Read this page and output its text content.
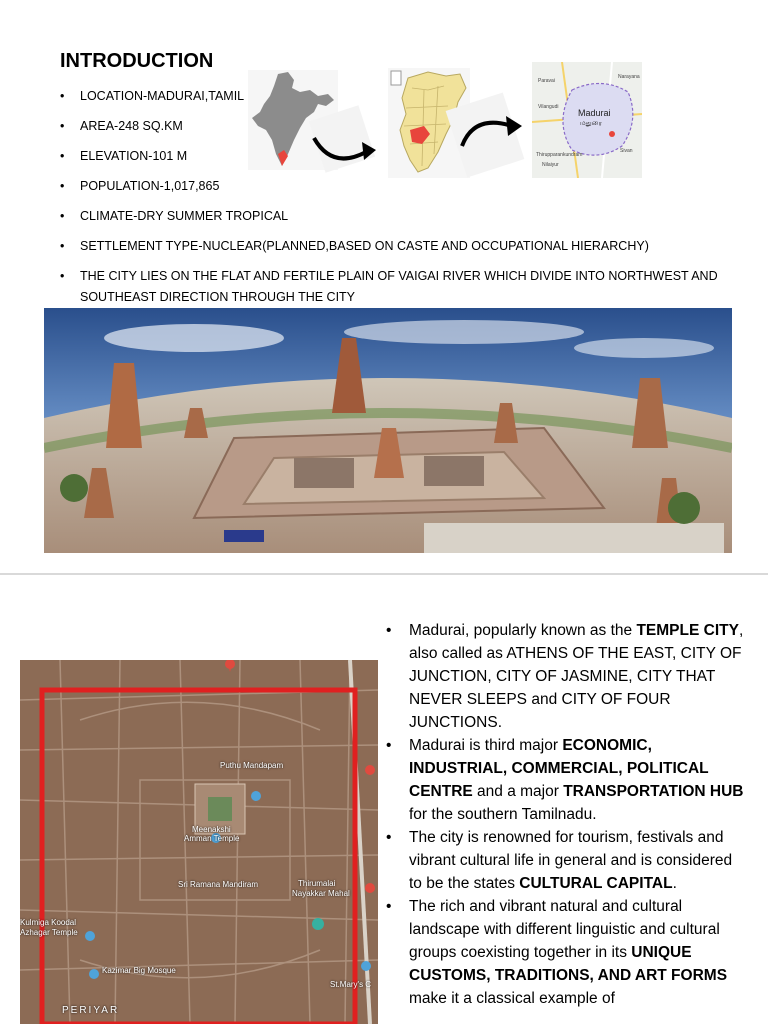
INTRODUCTION
• LOCATION-MADURAI,TAMIL
• AREA-248 SQ.KM
• ELEVATION-101 M
• POPULATION-1,017,865
• CLIMATE-DRY SUMMER TROPICAL
• SETTLEMENT TYPE-NUCLEAR(PLANNED,BASED ON CASTE AND OCCUPATIONAL HIERARCHY)
• THE CITY LIES ON THE FLAT AND FERTILE PLAIN OF VAIGAI RIVER WHICH DIVIDE INTO NORTHWEST AND SOUTHEAST DIRECTION THROUGH THE CITY
Paravai
Vilangudi
Thirupparankundram
Nilaiyur
Narayana
Sivan
Madurai
மதுரை
Puthu Mandapam
Meenakshi
Amman Temple
Sri Ramana Mandiram	Thirumalai
Nayakkar Mahal
Kulmiga Koodal
Azhagar Temple
Kazimar Big Mosque
St.Mary's C
PERIYAR
• Madurai, popularly known as the TEMPLE CITY, also called as ATHENS OF THE EAST, CITY OF JUNCTION, CITY OF JASMINE, CITY THAT NEVER SLEEPS and CITY OF FOUR JUNCTIONS.
• Madurai is third major ECONOMIC, INDUSTRIAL, COMMERCIAL, POLITICAL CENTRE and a major TRANSPORTATION HUB for the southern Tamilnadu.
• The city is renowned for tourism, festivals and vibrant cultural life in general and is considered to be the states CULTURAL CAPITAL.
• The rich and vibrant natural and cultural landscape with different linguistic and cultural groups coexisting together in its UNIQUE CUSTOMS, TRADITIONS, AND ART FORMS make it a classical example of
